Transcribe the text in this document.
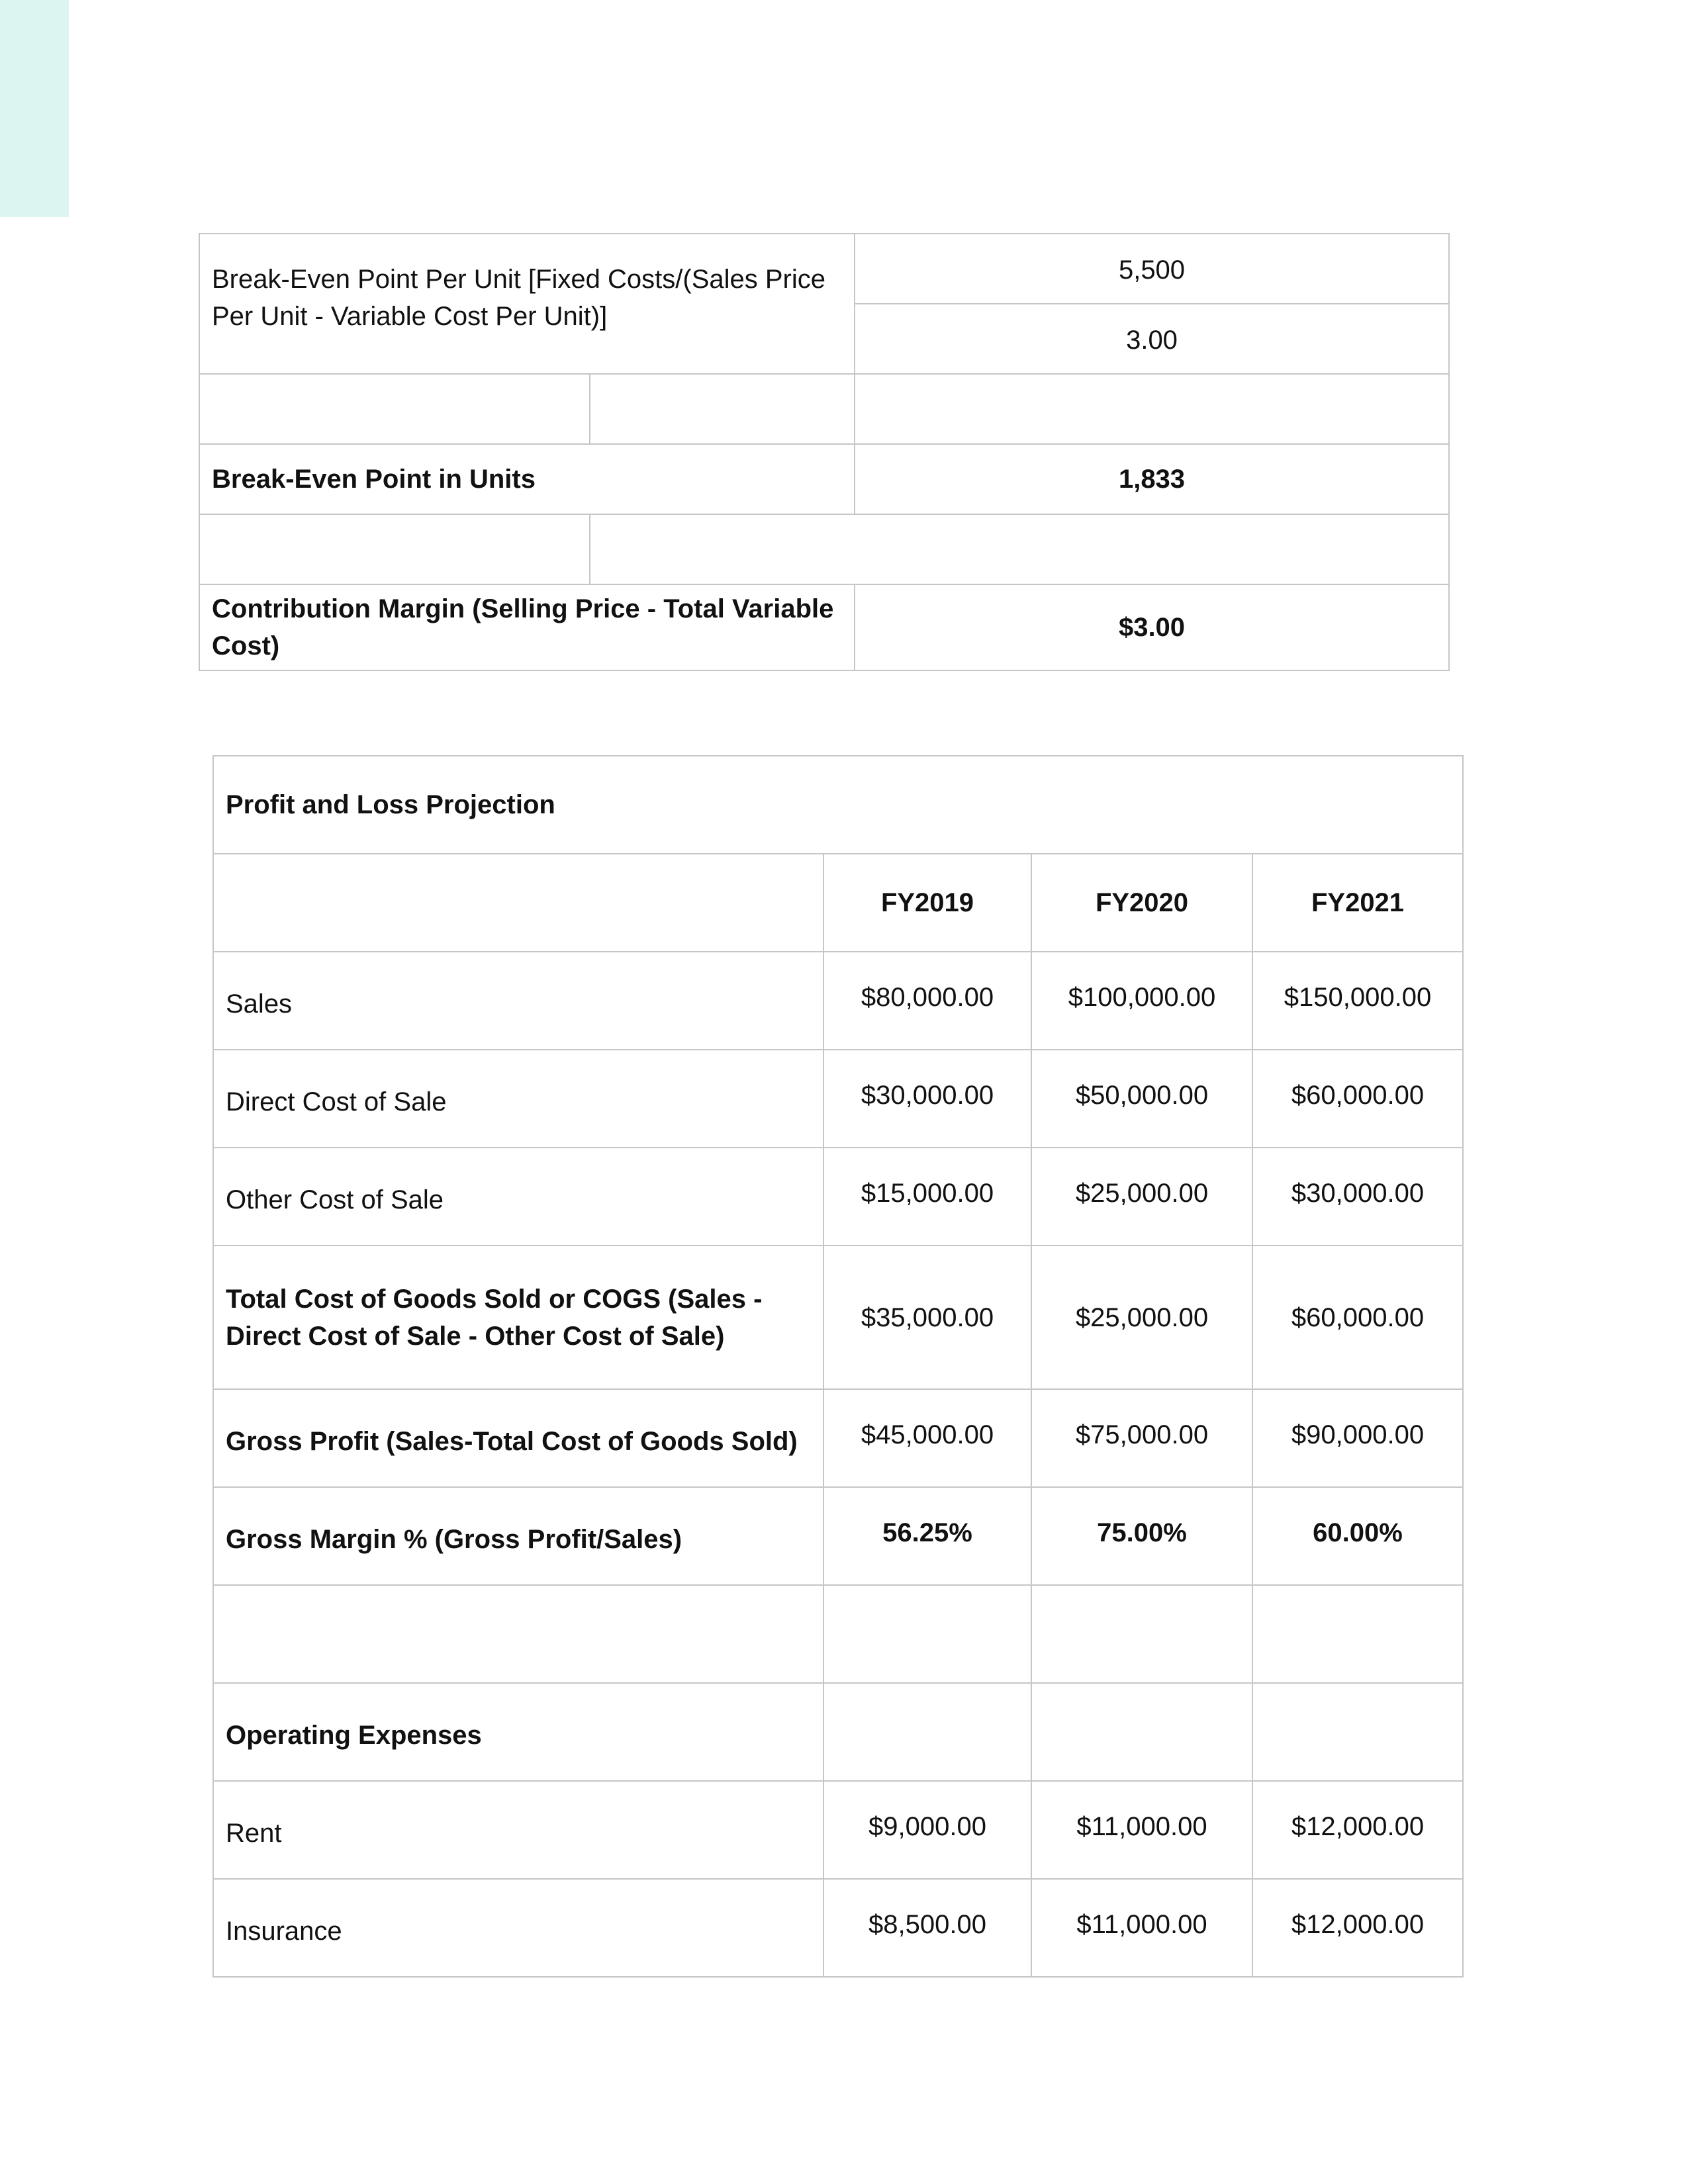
Break-Even Point Per Unit [Fixed Costs/(Sales Price Per Unit - Variable Cost Per Unit)]		5,500
		3.00

Break-Even Point in Units		1,833

Contribution Margin (Selling Price - Total Variable Cost)		$3.00
Profit and Loss Projection			
	FY2019	FY2020	FY2021
Sales	$80,000.00	$100,000.00	$150,000.00
Direct Cost of Sale	$30,000.00	$50,000.00	$60,000.00
Other Cost of Sale	$15,000.00	$25,000.00	$30,000.00
Total Cost of Goods Sold or COGS (Sales - Direct Cost of Sale - Other Cost of Sale)	$35,000.00	$25,000.00	$60,000.00
Gross Profit (Sales-Total Cost of Goods Sold)	$45,000.00	$75,000.00	$90,000.00
Gross Margin % (Gross Profit/Sales)	56.25%	75.00%	60.00%

Operating Expenses			
Rent	$9,000.00	$11,000.00	$12,000.00
Insurance	$8,500.00	$11,000.00	$12,000.00
